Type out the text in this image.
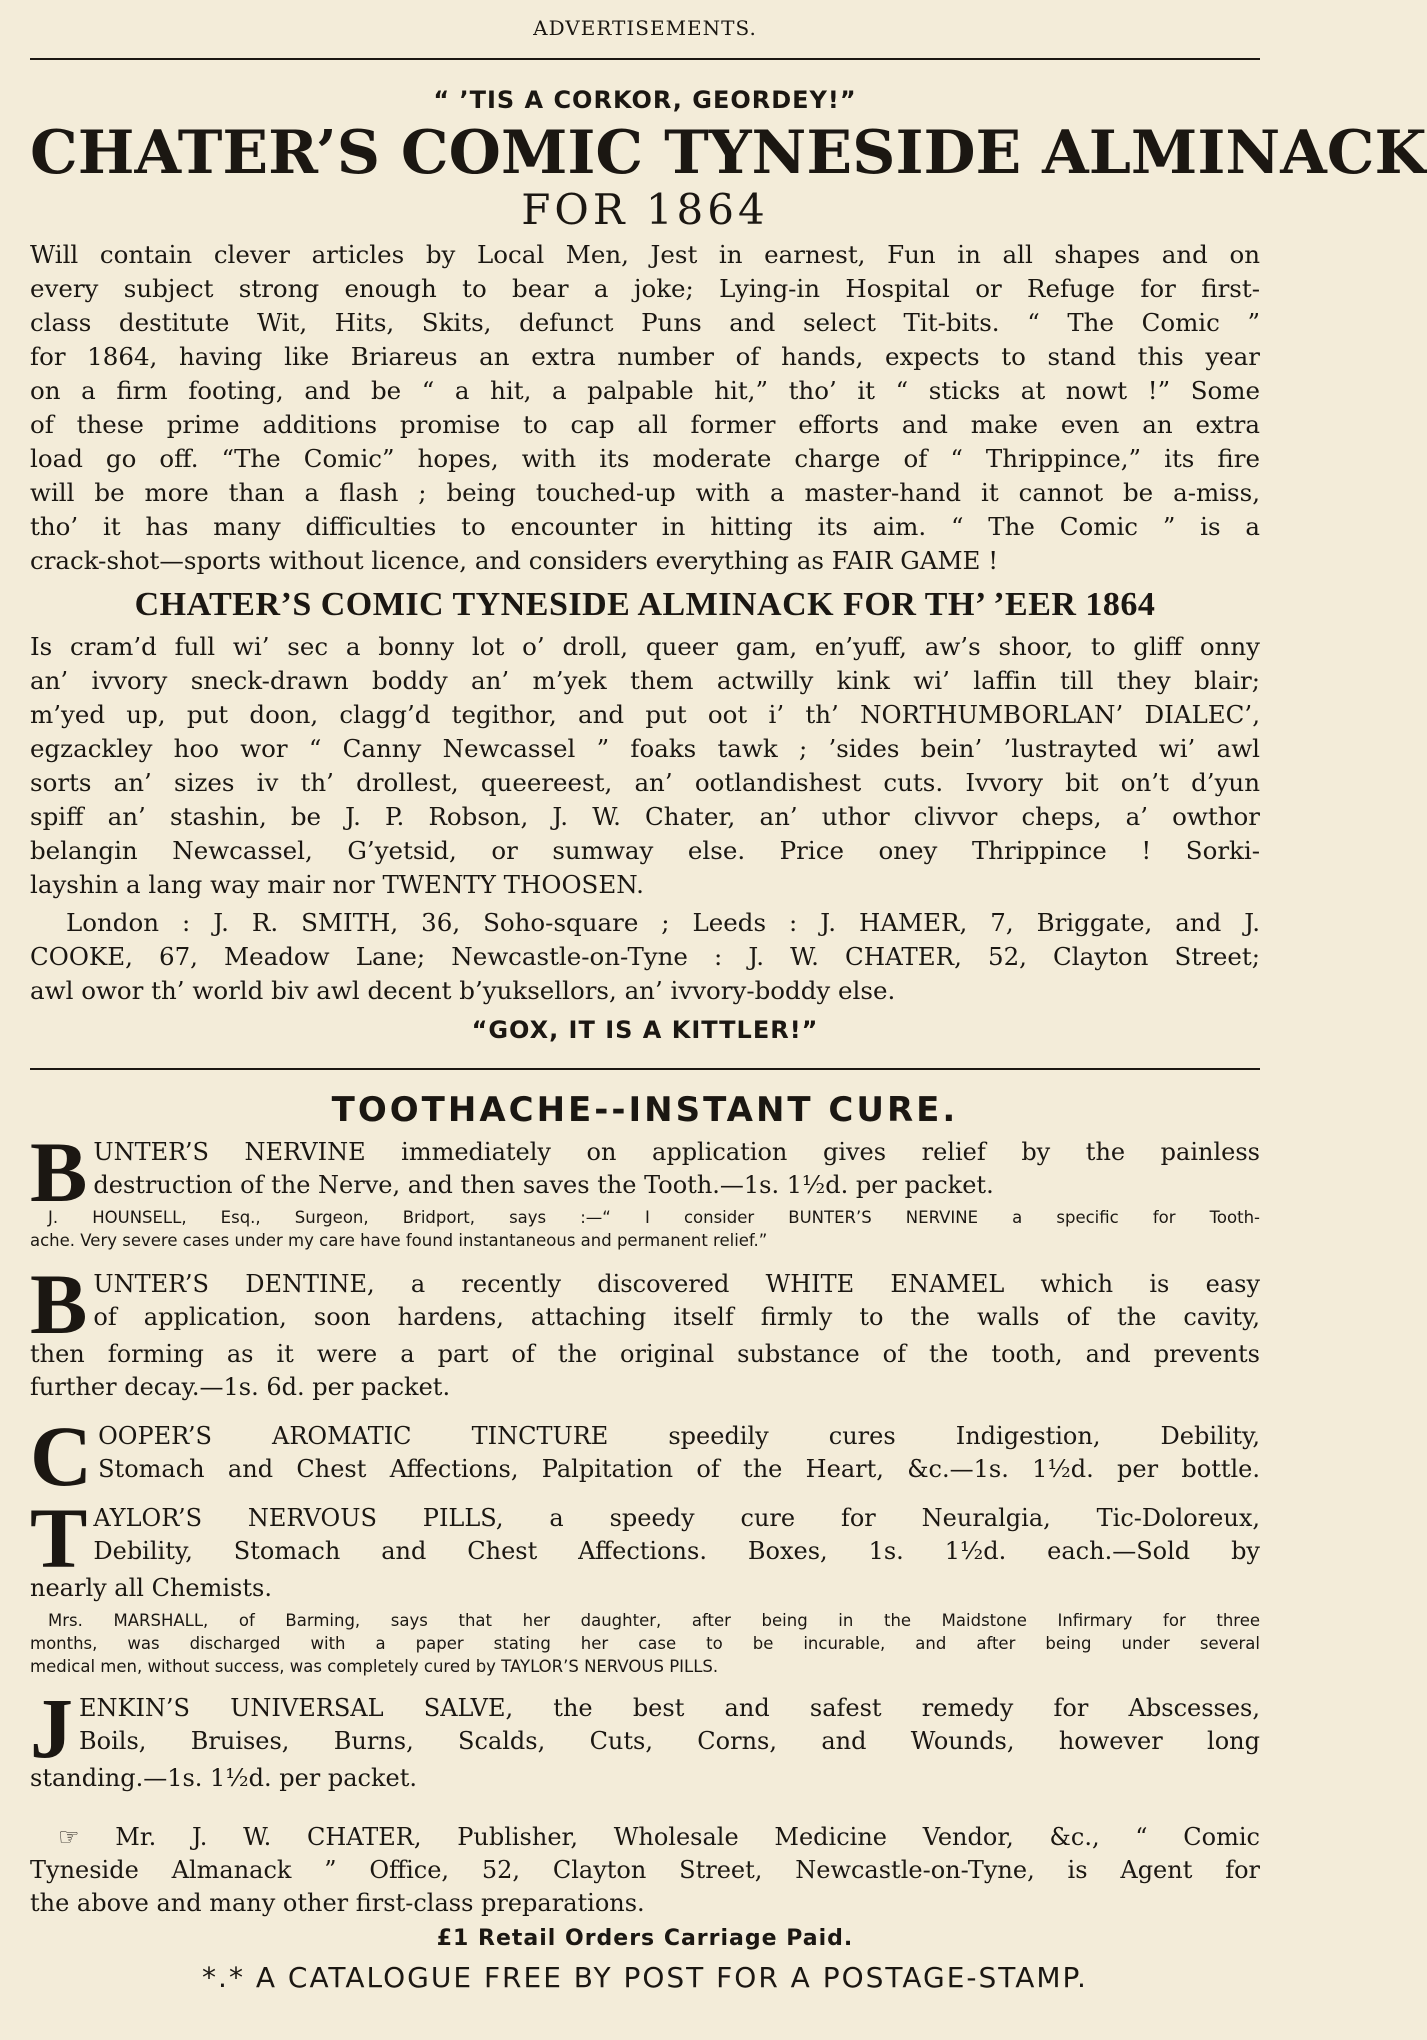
ADVERTISEMENTS.
“ ’TIS A CORKOR, GEORDEY!”
CHATER’S COMIC TYNESIDE ALMINACK
FOR 1864
Will contain clever articles by Local Men, Jest in earnest, Fun in all shapes and on
every subject strong enough to bear a joke; Lying-in Hospital or Refuge for first-
class destitute Wit, Hits, Skits, defunct Puns and select Tit-bits. “ The Comic ”
for 1864, having like Briareus an extra number of hands, expects to stand this year
on a firm footing, and be “ a hit, a palpable hit,” tho’ it “ sticks at nowt !” Some
of these prime additions promise to cap all former efforts and make even an extra
load go off. “The Comic” hopes, with its moderate charge of “ Thrippince,” its fire
will be more than a flash ; being touched-up with a master-hand it cannot be a-miss,
tho’ it has many difficulties to encounter in hitting its aim. “ The Comic ” is a
crack-shot—sports without licence, and considers everything as FAIR GAME !
CHATER’S COMIC TYNESIDE ALMINACK FOR TH’ ’EER 1864
Is cram’d full wi’ sec a bonny lot o’ droll, queer gam, en’yuff, aw’s shoor, to gliff onny
an’ ivvory sneck-drawn boddy an’ m’yek them actwilly kink wi’ laffin till they blair;
m’yed up, put doon, clagg’d tegithor, and put oot i’ th’ NORTHUMBORLAN’ DIALEC’,
egzackley hoo wor “ Canny Newcassel ” foaks tawk ; ’sides bein’ ’lustrayted wi’ awl
sorts an’ sizes iv th’ drollest, queereest, an’ ootlandishest cuts. Ivvory bit on’t d’yun
spiff an’ stashin, be J. P. Robson, J. W. Chater, an’ uthor clivvor cheps, a’ owthor
belangin Newcassel, G’yetsid, or sumway else. Price oney Thrippince ! Sorki-
layshin a lang way mair nor TWENTY THOOSEN.
London : J. R. SMITH, 36, Soho-square ; Leeds : J. HAMER, 7, Briggate, and J.
COOKE, 67, Meadow Lane; Newcastle-on-Tyne : J. W. CHATER, 52, Clayton Street;
awl owor th’ world biv awl decent b’yuksellors, an’ ivvory-boddy else.
“GOX, IT IS A KITTLER!”
TOOTHACHE--INSTANT CURE.
B UNTER’S NERVINE immediately on application gives relief by the painless
destruction of the Nerve, and then saves the Tooth.—1s. 1½d. per packet.
J. HOUNSELL, Esq., Surgeon, Bridport, says :—“ I consider BUNTER’S NERVINE a specific for Tooth-
ache. Very severe cases under my care have found instantaneous and permanent relief.”
B UNTER’S DENTINE, a recently discovered WHITE ENAMEL which is easy
of application, soon hardens, attaching itself firmly to the walls of the cavity,
then forming as it were a part of the original substance of the tooth, and prevents
further decay.—1s. 6d. per packet.
C OOPER’S AROMATIC TINCTURE speedily cures Indigestion, Debility,
Stomach and Chest Affections, Palpitation of the Heart, &c.—1s. 1½d. per bottle.
T AYLOR’S NERVOUS PILLS, a speedy cure for Neuralgia, Tic-Doloreux,
Debility, Stomach and Chest Affections. Boxes, 1s. 1½d. each.—Sold by
nearly all Chemists.
Mrs. MARSHALL, of Barming, says that her daughter, after being in the Maidstone Infirmary for three
months, was discharged with a paper stating her case to be incurable, and after being under several
medical men, without success, was completely cured by TAYLOR’S NERVOUS PILLS.
J ENKIN’S UNIVERSAL SALVE, the best and safest remedy for Abscesses,
Boils, Bruises, Burns, Scalds, Cuts, Corns, and Wounds, however long
standing.—1s. 1½d. per packet.
☞ Mr. J. W. CHATER, Publisher, Wholesale Medicine Vendor, &c., “ Comic
Tyneside Almanack ” Office, 52, Clayton Street, Newcastle-on-Tyne, is Agent for
the above and many other first-class preparations.
£1 Retail Orders Carriage Paid.
*.* A CATALOGUE FREE BY POST FOR A POSTAGE-STAMP.
